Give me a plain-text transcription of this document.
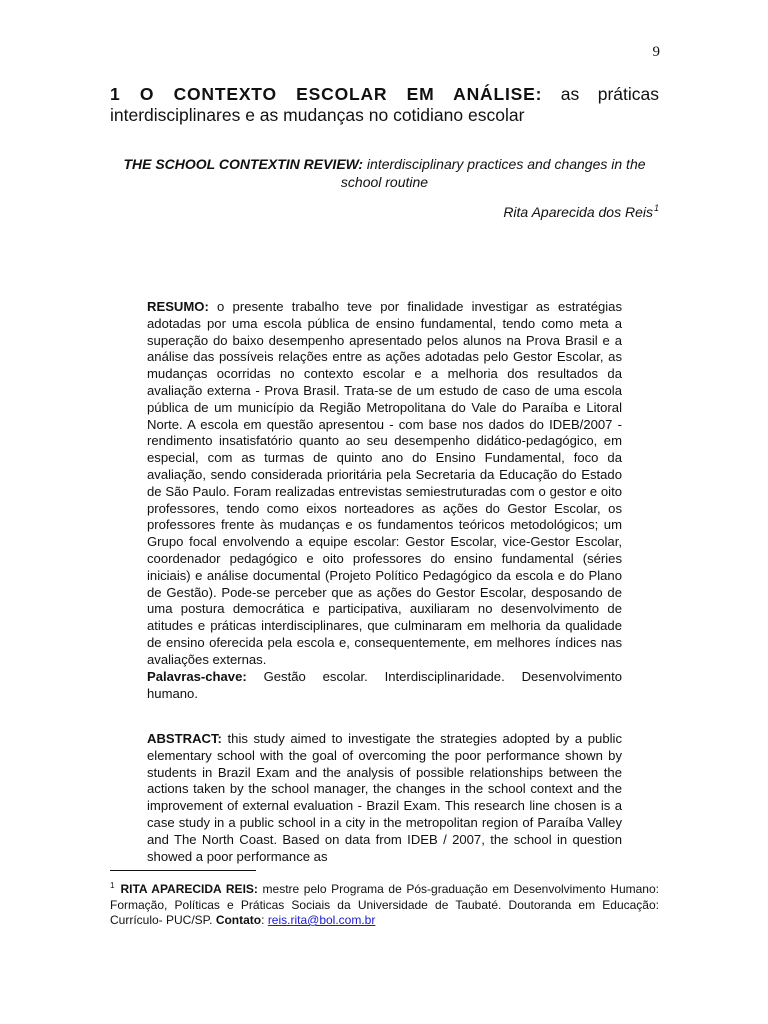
9
1 O CONTEXTO ESCOLAR EM ANÁLISE: as práticas interdisciplinares e as mudanças no cotidiano escolar
THE SCHOOL CONTEXTIN REVIEW: interdisciplinary practices and changes in the school routine
Rita Aparecida dos Reis$^1$
RESUMO: o presente trabalho teve por finalidade investigar as estratégias adotadas por uma escola pública de ensino fundamental, tendo como meta a superação do baixo desempenho apresentado pelos alunos na Prova Brasil e a análise das possíveis relações entre as ações adotadas pelo Gestor Escolar, as mudanças ocorridas no contexto escolar e a melhoria dos resultados da avaliação externa - Prova Brasil. Trata-se de um estudo de caso de uma escola pública de um município da Região Metropolitana do Vale do Paraíba e Litoral Norte. A escola em questão apresentou - com base nos dados do IDEB/2007 - rendimento insatisfatório quanto ao seu desempenho didático-pedagógico, em especial, com as turmas de quinto ano do Ensino Fundamental, foco da avaliação, sendo considerada prioritária pela Secretaria da Educação do Estado de São Paulo. Foram realizadas entrevistas semiestruturadas com o gestor e oito professores, tendo como eixos norteadores as ações do Gestor Escolar, os professores frente às mudanças e os fundamentos teóricos metodológicos; um Grupo focal envolvendo a equipe escolar: Gestor Escolar, vice-Gestor Escolar, coordenador pedagógico e oito professores do ensino fundamental (séries iniciais) e análise documental (Projeto Político Pedagógico da escola e do Plano de Gestão). Pode-se perceber que as ações do Gestor Escolar, desposando de uma postura democrática e participativa, auxiliaram no desenvolvimento de atitudes e práticas interdisciplinares, que culminaram em melhoria da qualidade de ensino oferecida pela escola e, consequentemente, em melhores índices nas avaliações externas.
Palavras-chave: Gestão escolar. Interdisciplinaridade. Desenvolvimento humano.
ABSTRACT: this study aimed to investigate the strategies adopted by a public elementary school with the goal of overcoming the poor performance shown by students in Brazil Exam and the analysis of possible relationships between the actions taken by the school manager, the changes in the school context and the improvement of external evaluation - Brazil Exam. This research line chosen is a case study in a public school in a city in the metropolitan region of Paraíba Valley and The North Coast. Based on data from IDEB / 2007, the school in question showed a poor performance as
$^1$ RITA APARECIDA REIS: mestre pelo Programa de Pós-graduação em Desenvolvimento Humano: Formação, Políticas e Práticas Sociais da Universidade de Taubaté. Doutoranda em Educação: Currículo- PUC/SP. Contato: reis.rita@bol.com.br
